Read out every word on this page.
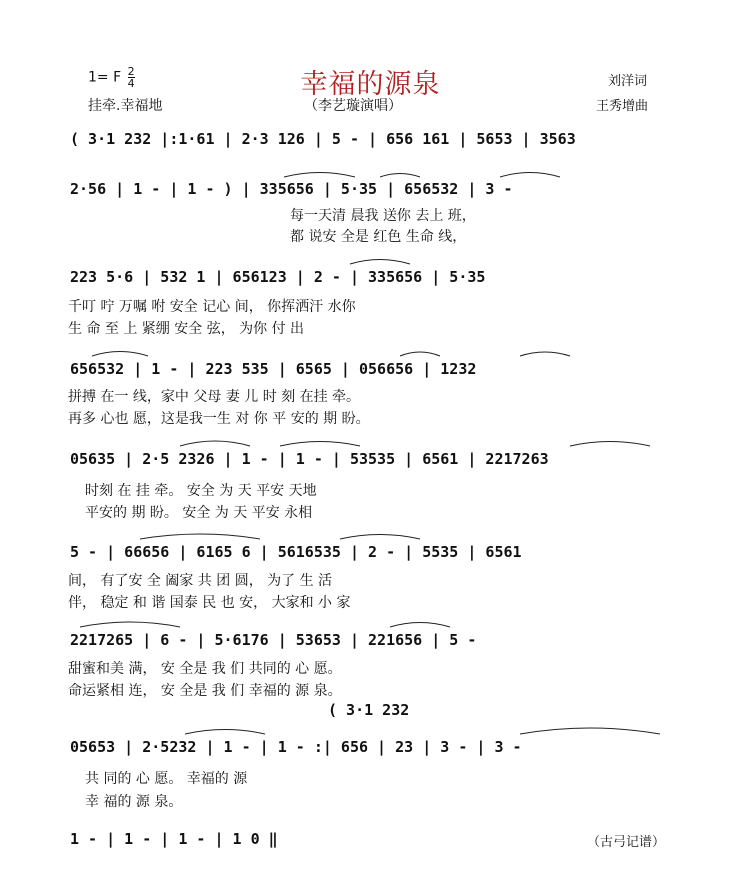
幸福的源泉
1= F $\frac{2}{4}$
挂牵.幸福地	（李艺璇演唱）
刘洋词
王秀增曲
( 3·1 232 |:1·61 | 2·3 126 | 5 - | 656 161 | 5653 | 3563
2·56 | 1 - | 1 - ) | 335656 | 5·35 | 656532 | 3 -
每一天清 晨我 送你 去上 班，
都 说安 全是 红色 生命 线，
223 5·6 | 532 1 | 656123 | 2 - | 335656 | 5·35
千叮 咛 万嘱 咐 安全 记心 间， 你挥洒汗 水你
生 命 至 上 紧绷 安全 弦， 为你 付 出
656532 | 1 - | 223 535 | 6565 | 056656 | 1232
拼搏 在一 线，家中 父母 妻 儿 时 刻 在挂 牵。
再多 心也 愿，这是我一生 对 你 平 安的 期 盼。
05635 | 2·5 2326 | 1 - | 1 - | 53535 | 6561 | 2217263
时刻 在 挂 牵。 安全 为 天 平安 天地
平安的 期 盼。 安全 为 天 平安 永相
5 - | 66656 | 6165 6 | 5616535 | 2 - | 5535 | 6561
间， 有了安 全 阖家 共 团 圆， 为了 生 活
伴， 稳定 和 谐 国泰 民 也 安， 大家和 小 家
2217265 | 6 - | 5·6176 | 53653 | 221656 | 5 -
甜蜜和美 满， 安 全是 我 们 共同的 心 愿。
命运紧相 连， 安 全是 我 们 幸福的 源 泉。
( 3·1 232
05653 | 2·5232 | 1 - | 1 - :| 656 | 23 | 3 - | 3 -
共 同的 心 愿。 幸福的 源
幸 福的 源 泉。
1 - | 1 - | 1 - | 1 0 ‖	（古弓记谱）
